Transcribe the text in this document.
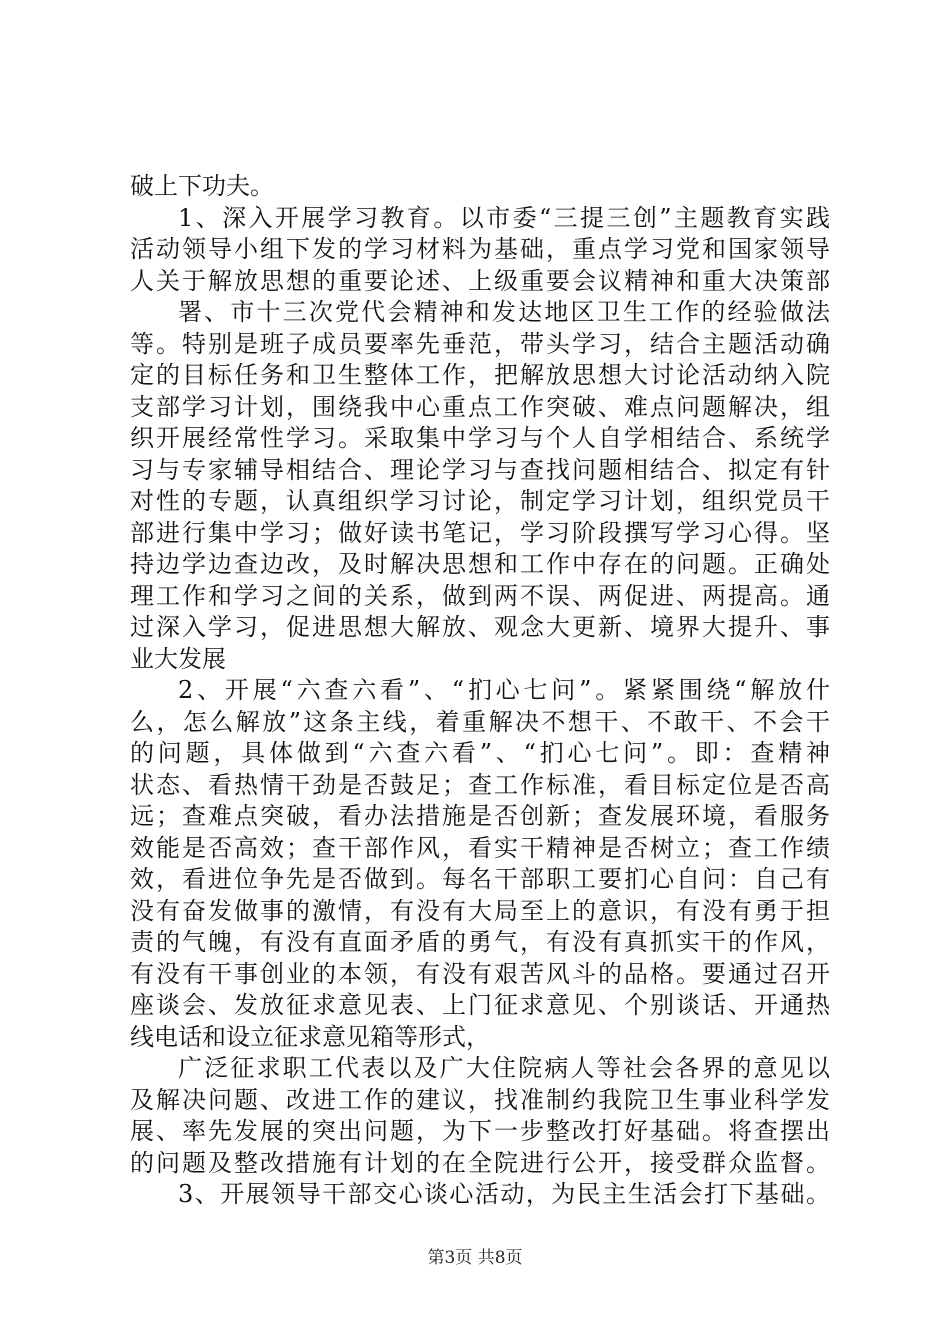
破上下功夫。
1、深入开展学习教育。以市委“三提三创”主题教育实践
活动领导小组下发的学习材料为基础，重点学习党和国家领导
人关于解放思想的重要论述、上级重要会议精神和重大决策部
署、市十三次党代会精神和发达地区卫生工作的经验做法
等。特别是班子成员要率先垂范，带头学习，结合主题活动确
定的目标任务和卫生整体工作，把解放思想大讨论活动纳入院
支部学习计划，围绕我中心重点工作突破、难点问题解决，组
织开展经常性学习。采取集中学习与个人自学相结合、系统学
习与专家辅导相结合、理论学习与查找问题相结合、拟定有针
对性的专题，认真组织学习讨论，制定学习计划，组织党员干
部进行集中学习；做好读书笔记，学习阶段撰写学习心得。坚
持边学边查边改，及时解决思想和工作中存在的问题。正确处
理工作和学习之间的关系，做到两不误、两促进、两提高。通
过深入学习，促进思想大解放、观念大更新、境界大提升、事
业大发展
2、开展“六查六看”、“扪心七问”。紧紧围绕“解放什
么，怎么解放”这条主线，着重解决不想干、不敢干、不会干
的问题，具体做到“六查六看”、“扪心七问”。即：查精神
状态、看热情干劲是否鼓足；查工作标准，看目标定位是否高
远；查难点突破，看办法措施是否创新；查发展环境，看服务
效能是否高效；查干部作风，看实干精神是否树立；查工作绩
效，看进位争先是否做到。每名干部职工要扪心自问：自己有
没有奋发做事的激情，有没有大局至上的意识，有没有勇于担
责的气魄，有没有直面矛盾的勇气，有没有真抓实干的作风，
有没有干事创业的本领，有没有艰苦风斗的品格。要通过召开
座谈会、发放征求意见表、上门征求意见、个别谈话、开通热
线电话和设立征求意见箱等形式，
广泛征求职工代表以及广大住院病人等社会各界的意见以
及解决问题、改进工作的建议，找准制约我院卫生事业科学发
展、率先发展的突出问题，为下一步整改打好基础。将查摆出
的问题及整改措施有计划的在全院进行公开，接受群众监督。
3、开展领导干部交心谈心活动，为民主生活会打下基础。
第3页 共8页
